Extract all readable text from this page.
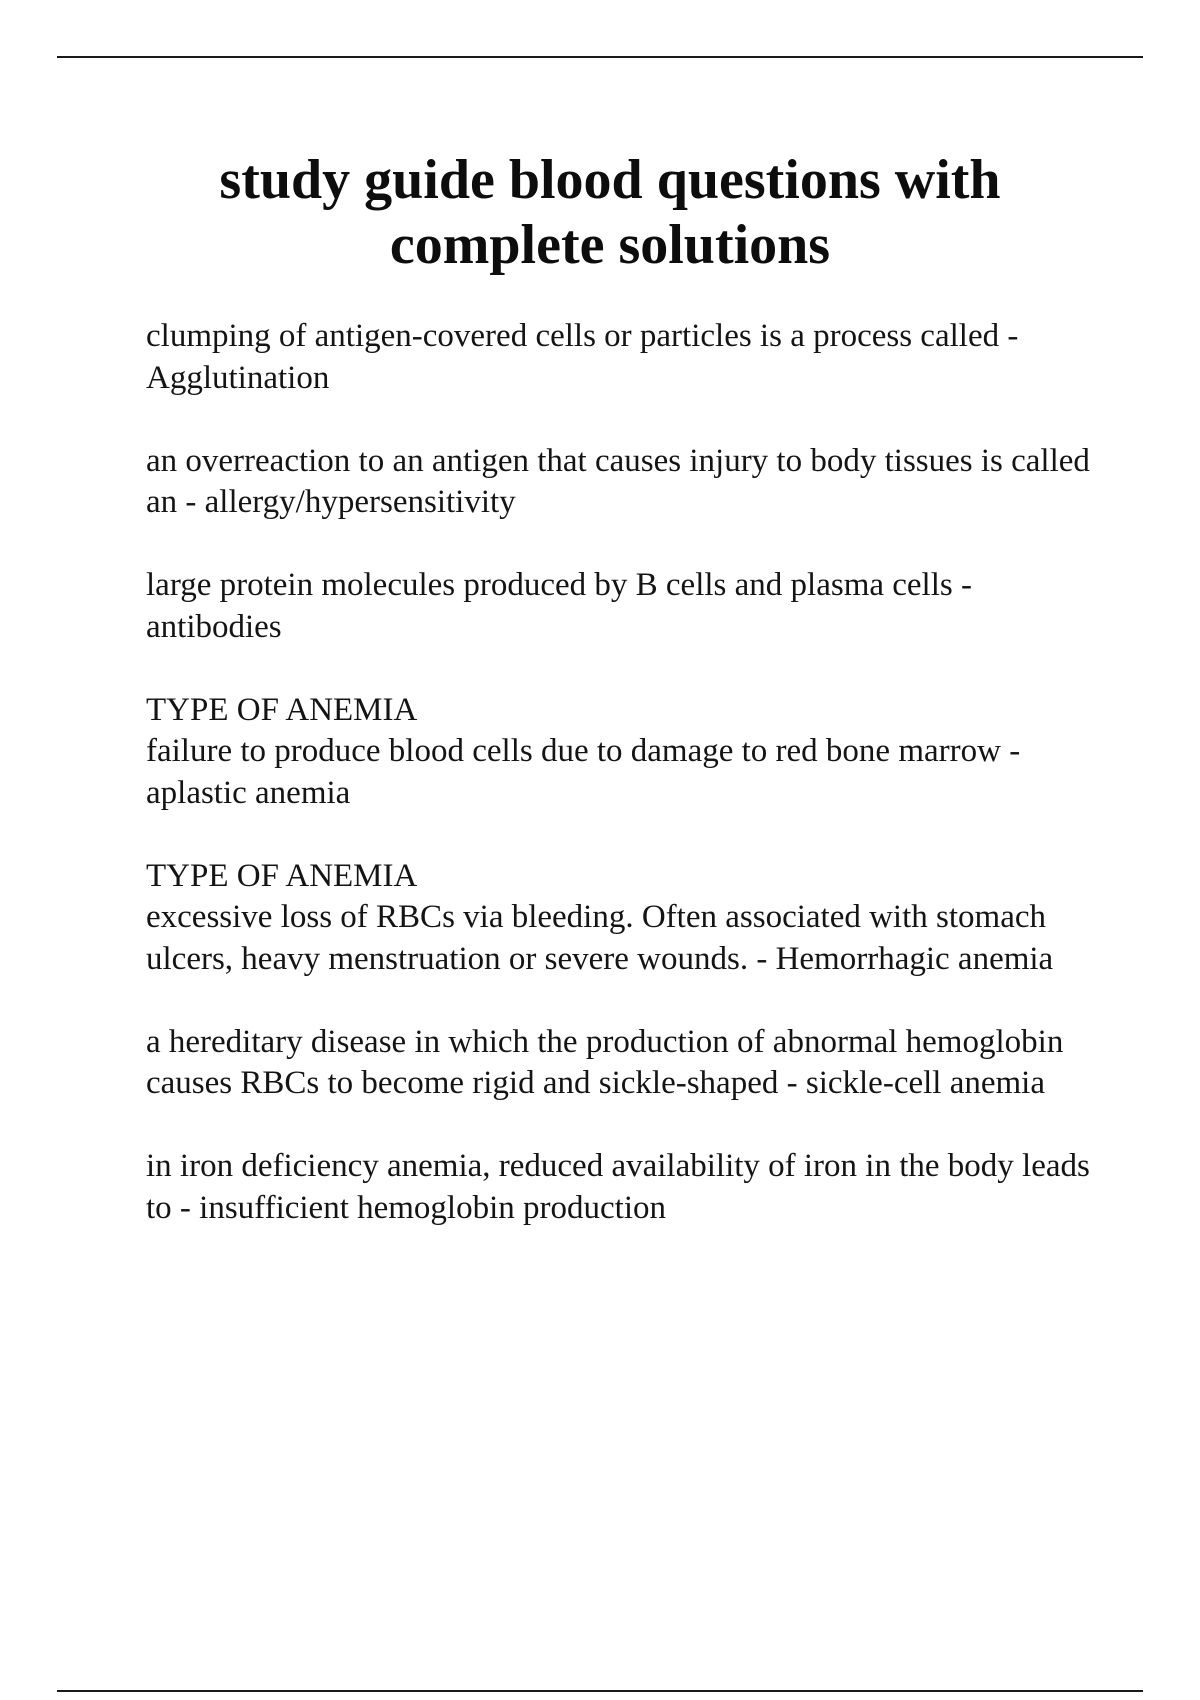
study guide blood questions with complete solutions

clumping of antigen-covered cells or particles is a process called - Agglutination

an overreaction to an antigen that causes injury to body tissues is called an - allergy/hypersensitivity

large protein molecules produced by B cells and plasma cells - antibodies

TYPE OF ANEMIA
failure to produce blood cells due to damage to red bone marrow - aplastic anemia

TYPE OF ANEMIA
excessive loss of RBCs via bleeding. Often associated with stomach ulcers, heavy menstruation or severe wounds. - Hemorrhagic anemia

a hereditary disease in which the production of abnormal hemoglobin causes RBCs to become rigid and sickle-shaped - sickle-cell anemia

in iron deficiency anemia, reduced availability of iron in the body leads to - insufficient hemoglobin production
